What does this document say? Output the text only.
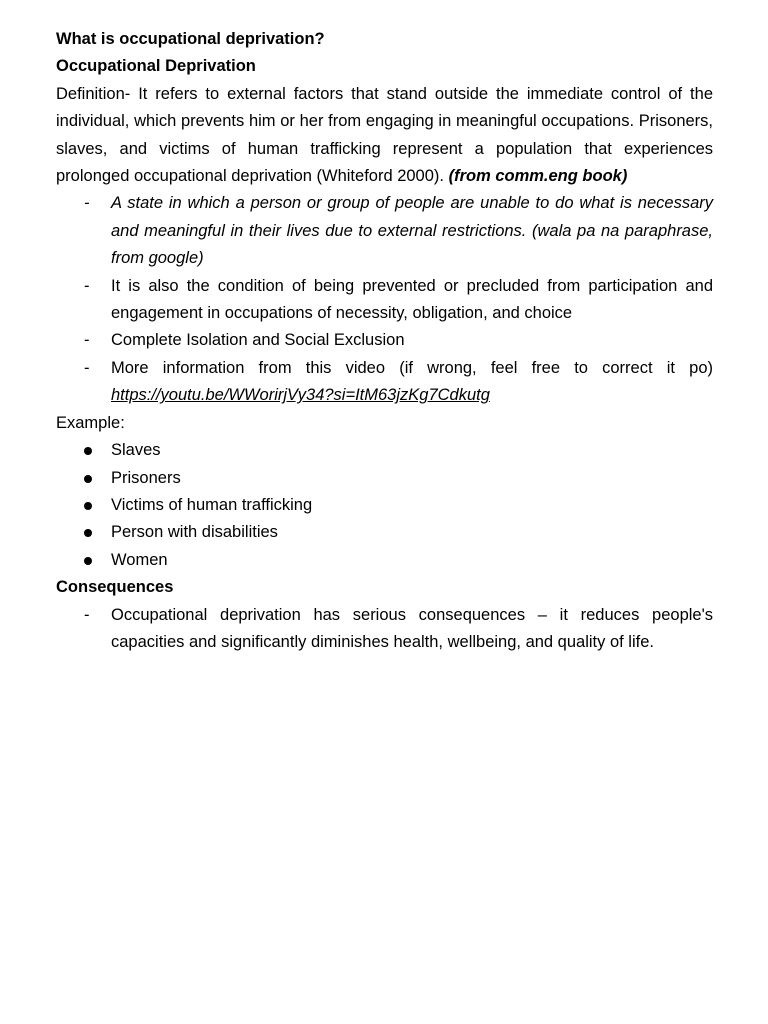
What is occupational deprivation?

Occupational Deprivation

Definition- It refers to external factors that stand outside the immediate control of the individual, which prevents him or her from engaging in meaningful occupations. Prisoners, slaves, and victims of human trafficking represent a population that experiences prolonged occupational deprivation (Whiteford 2000). (from comm.eng book)

-	A state in which a person or group of people are unable to do what is necessary and meaningful in their lives due to external restrictions. (wala pa na paraphrase, from google)
-	It is also the condition of being prevented or precluded from participation and engagement in occupations of necessity, obligation, and choice
-	Complete Isolation and Social Exclusion
-	More information from this video (if wrong, feel free to correct it po) https://youtu.be/WWorirjVy34?si=ItM63jzKg7Cdkutg

Example:

Slaves
Prisoners
Victims of human trafficking
Person with disabilities
Women

Consequences

-	Occupational deprivation has serious consequences – it reduces people's capacities and significantly diminishes health, wellbeing, and quality of life.
